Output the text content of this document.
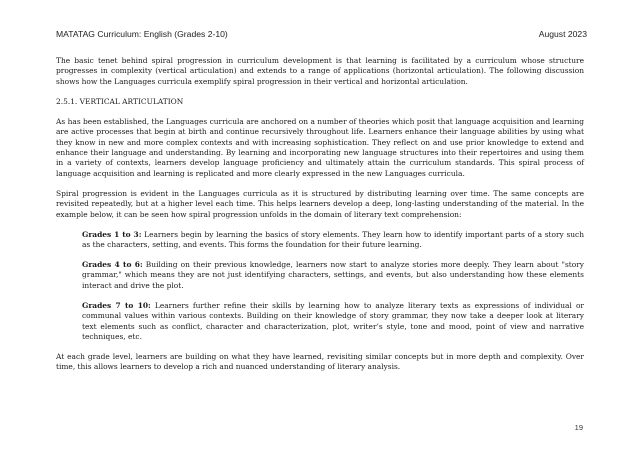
MATATAG Curriculum: English (Grades 2-10)	August 2023

The basic tenet behind spiral progression in curriculum development is that learning is facilitated by a curriculum whose structure progresses in complexity (vertical articulation) and extends to a range of applications (horizontal articulation). The following discussion shows how the Languages curricula exemplify spiral progression in their vertical and horizontal articulation.

2.5.1. VERTICAL ARTICULATION

As has been established, the Languages curricula are anchored on a number of theories which posit that language acquisition and learning are active processes that begin at birth and continue recursively throughout life. Learners enhance their language abilities by using what they know in new and more complex contexts and with increasing sophistication. They reflect on and use prior knowledge to extend and enhance their language and understanding. By learning and incorporating new language structures into their repertoires and using them in a variety of contexts, learners develop language proficiency and ultimately attain the curriculum standards. This spiral process of language acquisition and learning is replicated and more clearly expressed in the new Languages curricula.

Spiral progression is evident in the Languages curricula as it is structured by distributing learning over time. The same concepts are revisited repeatedly, but at a higher level each time. This helps learners develop a deep, long-lasting understanding of the material. In the example below, it can be seen how spiral progression unfolds in the domain of literary text comprehension:

Grades 1 to 3: Learners begin by learning the basics of story elements. They learn how to identify important parts of a story such as the characters, setting, and events. This forms the foundation for their future learning.

Grades 4 to 6: Building on their previous knowledge, learners now start to analyze stories more deeply. They learn about "story grammar," which means they are not just identifying characters, settings, and events, but also understanding how these elements interact and drive the plot.

Grades 7 to 10: Learners further refine their skills by learning how to analyze literary texts as expressions of individual or communal values within various contexts. Building on their knowledge of story grammar, they now take a deeper look at literary text elements such as conflict, character and characterization, plot, writer’s style, tone and mood, point of view and narrative techniques, etc.

At each grade level, learners are building on what they have learned, revisiting similar concepts but in more depth and complexity. Over time, this allows learners to develop a rich and nuanced understanding of literary analysis.

19
